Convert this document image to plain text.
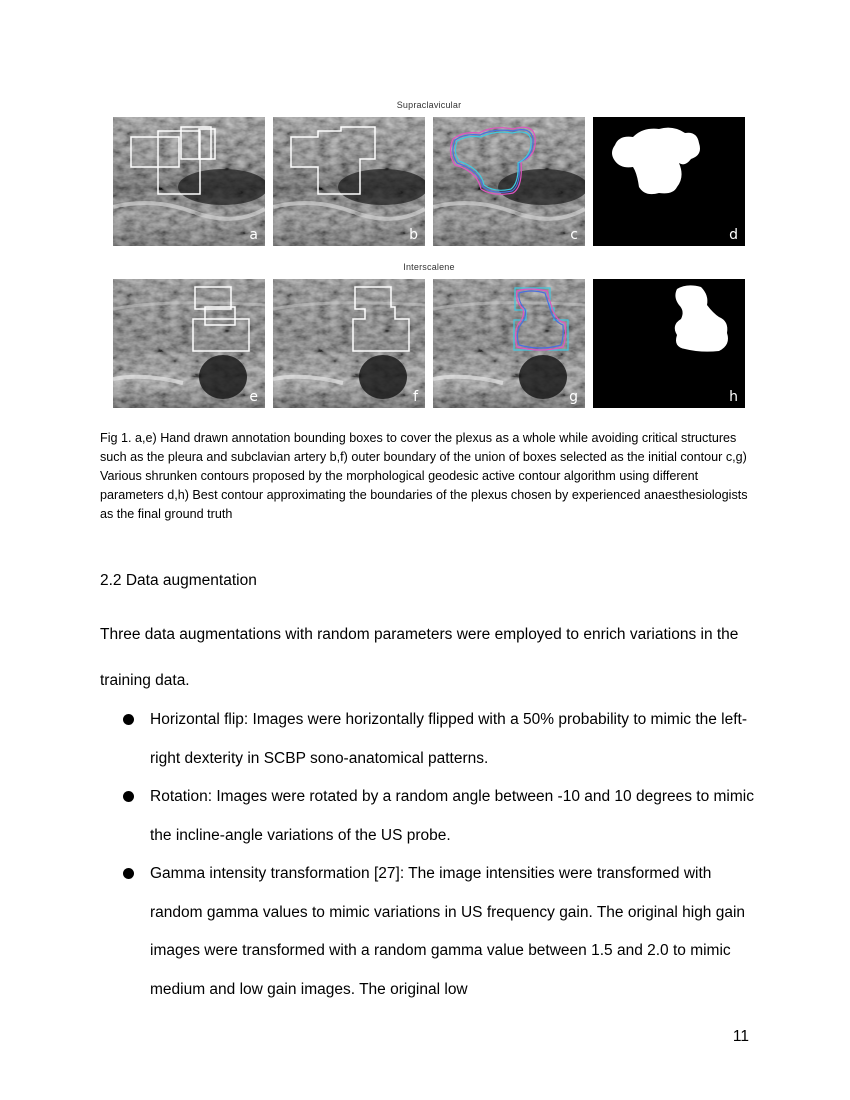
Supraclavicular
Interscalene
a	b	c	d
e	f	g	h

Fig 1. a,e) Hand drawn annotation bounding boxes to cover the plexus as a whole while avoiding critical structures such as the pleura and subclavian artery b,f) outer boundary of the union of boxes selected as the initial contour c,g) Various shrunken contours proposed by the morphological geodesic active contour algorithm using different parameters d,h) Best contour approximating the boundaries of the plexus chosen by experienced anaesthesiologists as the final ground truth

2.2 Data augmentation

Three data augmentations with random parameters were employed to enrich variations in the training data.

Horizontal flip: Images were horizontally flipped with a 50% probability to mimic the left-right dexterity in SCBP sono-anatomical patterns.
Rotation: Images were rotated by a random angle between -10 and 10 degrees to mimic the incline-angle variations of the US probe.
Gamma intensity transformation [27]: The image intensities were transformed with random gamma values to mimic variations in US frequency gain. The original high gain images were transformed with a random gamma value between 1.5 and 2.0 to mimic medium and low gain images. The original low
11
